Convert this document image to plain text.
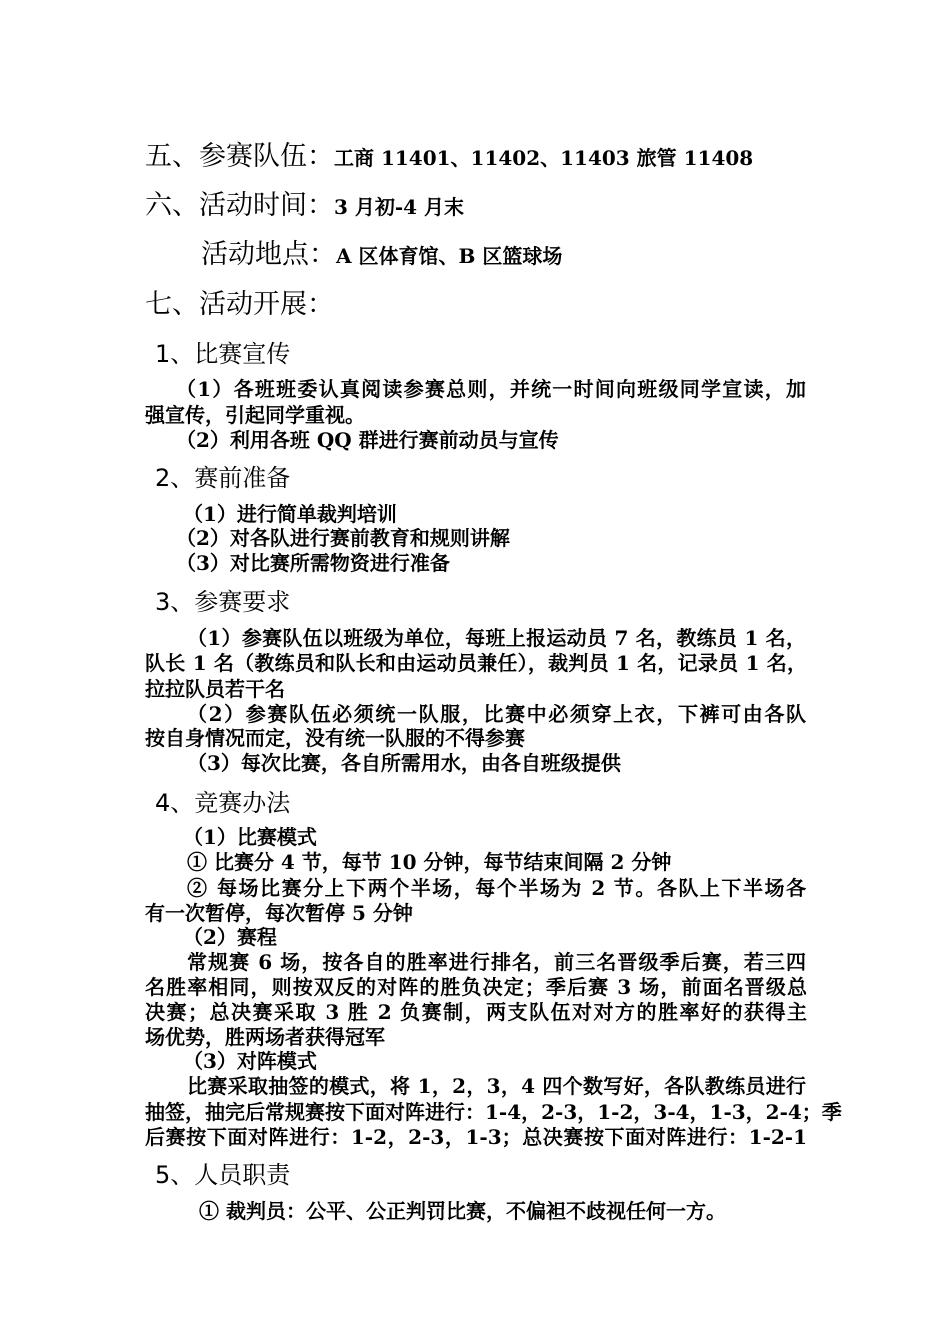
五、参赛队伍：工商 11401、11402、11403 旅管 11408
六、活动时间：3 月初-4 月末
活动地点：A 区体育馆、B 区篮球场
七、活动开展：
1、比赛宣传
（1）各班班委认真阅读参赛总则，并统一时间向班级同学宣读，加
强宣传，引起同学重视。
（2）利用各班 QQ 群进行赛前动员与宣传
2、赛前准备
（1）进行简单裁判培训
（2）对各队进行赛前教育和规则讲解
（3）对比赛所需物资进行准备
3、参赛要求
（1）参赛队伍以班级为单位，每班上报运动员 7 名，教练员 1 名，
队长 1 名（教练员和队长和由运动员兼任），裁判员 1 名，记录员 1 名，
拉拉队员若干名
（2）参赛队伍必须统一队服，比赛中必须穿上衣，下裤可由各队
按自身情况而定，没有统一队服的不得参赛
（3）每次比赛，各自所需用水，由各自班级提供
4、竞赛办法
（1）比赛模式
① 比赛分 4 节，每节 10 分钟，每节结束间隔 2 分钟
② 每场比赛分上下两个半场，每个半场为 2 节。各队上下半场各
有一次暂停，每次暂停 5 分钟
（2）赛程
常规赛 6 场，按各自的胜率进行排名，前三名晋级季后赛，若三四
名胜率相同，则按双反的对阵的胜负决定；季后赛 3 场，前面名晋级总
决赛；总决赛采取 3 胜 2 负赛制，两支队伍对对方的胜率好的获得主
场优势，胜两场者获得冠军
（3）对阵模式
比赛采取抽签的模式，将 1，2，3，4 四个数写好，各队教练员进行
抽签，抽完后常规赛按下面对阵进行：1-4，2-3，1-2，3-4，1-3，2-4；季
后赛按下面对阵进行：1-2，2-3，1-3；总决赛按下面对阵进行：1-2-1
5、人员职责
① 裁判员：公平、公正判罚比赛，不偏袒不歧视任何一方。
